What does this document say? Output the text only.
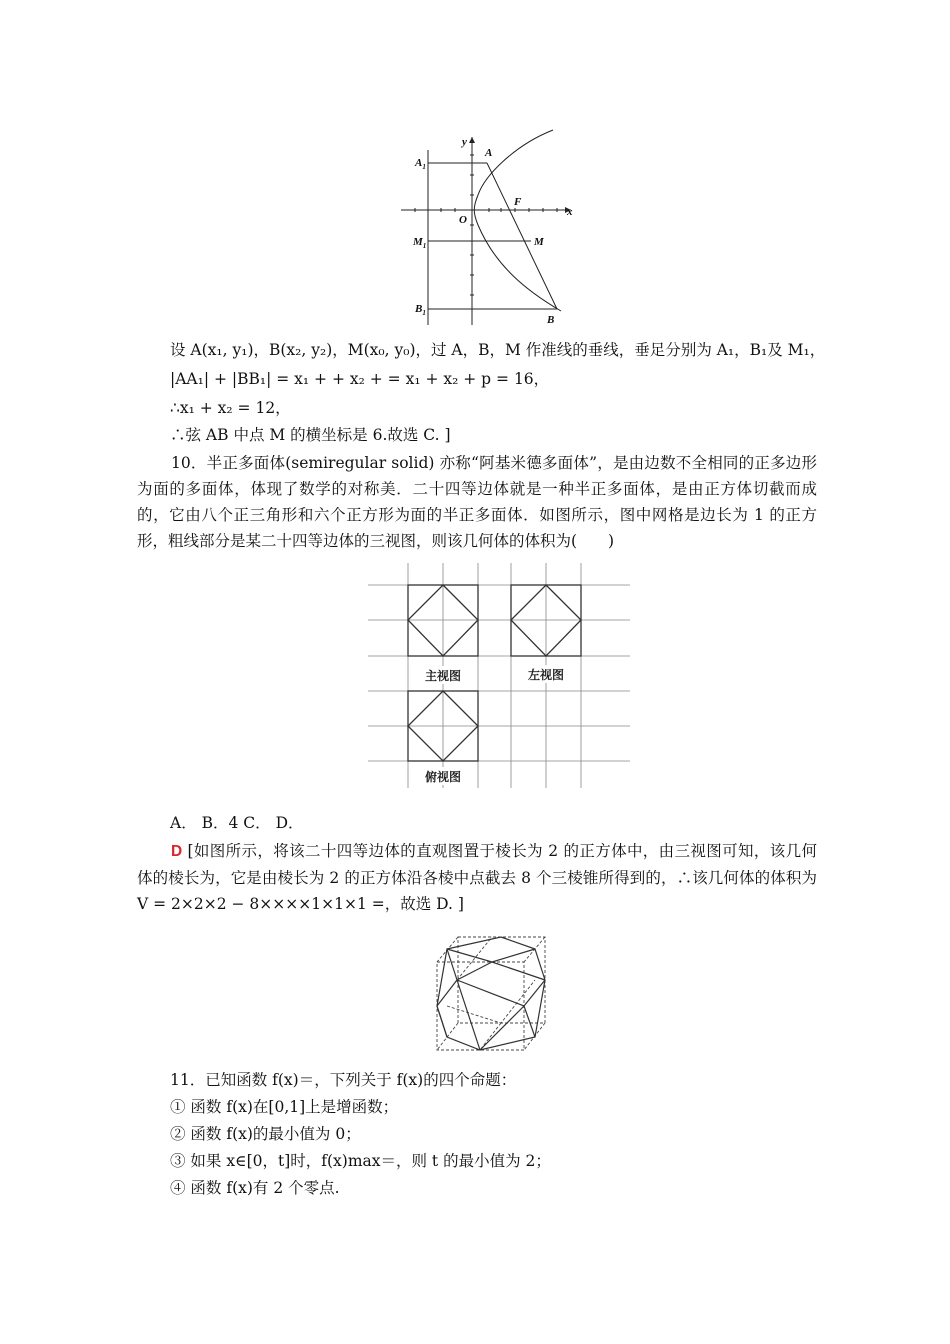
y
x
O
A
F
M
B
$A_1$
$M_1$
$B_1$
设 A(x₁, y₁)，B(x₂, y₂)，M(x₀, y₀)，过 A，B，M 作准线的垂线，垂足分别为 A₁，B₁及 M₁，
|AA₁| + |BB₁| = x₁ + + x₂ + = x₁ + x₂ + p = 16，
∴x₁ + x₂ = 12，
∴弦 AB 中点 M 的横坐标是 6.故选 C. ]
10．半正多面体(semiregular solid) 亦称“阿基米德多面体”，是由边数不全相同的正多边形为面的多面体，体现了数学的对称美．二十四等边体就是一种半正多面体，是由正方体切截而成的，它由八个正三角形和六个正方形为面的半正多面体．如图所示，图中网格是边长为 1 的正方形，粗线部分是某二十四等边体的三视图，则该几何体的体积为(　　)
主视图	左视图
俯视图
A． B．4 C． D．
D [如图所示，将该二十四等边体的直观图置于棱长为 2 的正方体中，由三视图可知，该几何体的棱长为，它是由棱长为 2 的正方体沿各棱中点截去 8 个三棱锥所得到的，∴该几何体的体积为 V = 2×2×2 − 8××××1×1×1 =，故选 D. ]
11．已知函数 f(x)＝，下列关于 f(x)的四个命题：
① 函数 f(x)在[0,1]上是增函数；
② 函数 f(x)的最小值为 0；
③ 如果 x∈[0，t]时，f(x)max＝，则 t 的最小值为 2；
④ 函数 f(x)有 2 个零点.
